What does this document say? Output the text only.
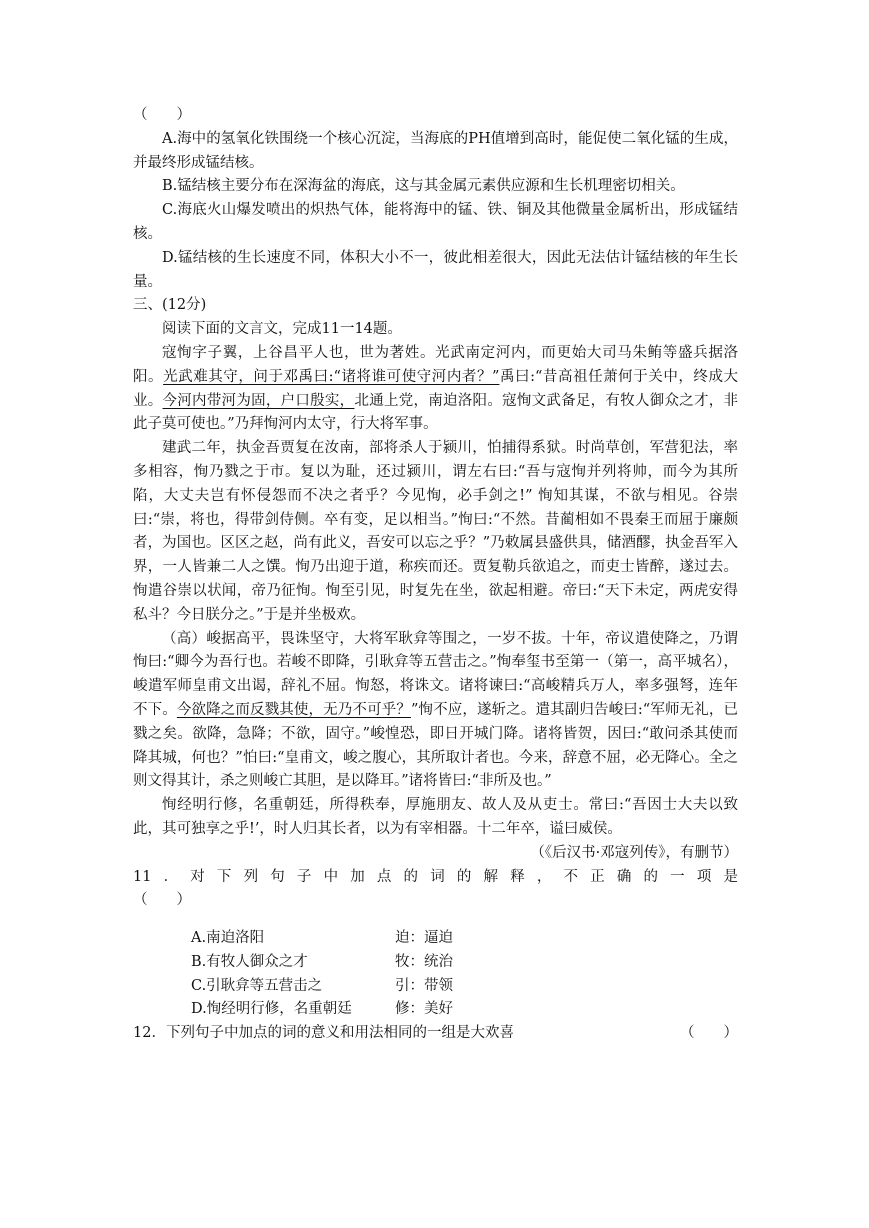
（　　）

A.海中的氢氧化铁围绕一个核心沉淀，当海底的PH值增到高时，能促使二氧化锰的生成，并最终形成锰结核。

B.锰结核主要分布在深海盆的海底，这与其金属元素供应源和生长机理密切相关。

C.海底火山爆发喷出的炽热气体，能将海中的锰、铁、铜及其他微量金属析出，形成锰结核。

D.锰结核的生长速度不同，体积大小不一，彼此相差很大，因此无法估计锰结核的年生长量。

三、(12分)

阅读下面的文言文，完成11一14题。

寇恂字子翼，上谷昌平人也，世为著姓。光武南定河内，而更始大司马朱鲔等盛兵据洛阳。光武难其守，问于邓禹曰:“诸将谁可使守河内者？”禹曰:“昔高祖任萧何于关中，终成大业。今河内带河为固，户口殷实，北通上党，南迫洛阳。寇恂文武备足，有牧人御众之才，非此子莫可使也。”乃拜恂河内太守，行大将军事。

建武二年，执金吾贾复在汝南，部将杀人于颍川，怕捕得系狱。时尚草创，军营犯法，率多相容，恂乃戮之于市。复以为耻，还过颍川，谓左右曰:“吾与寇恂并列将帅，而今为其所陷，大丈夫岂有怀侵怨而不决之者乎？今见恂，必手剑之!” 恂知其谋，不欲与相见。谷崇曰:“崇，将也，得带剑侍侧。卒有变，足以相当。”恂曰:“不然。昔蔺相如不畏秦王而屈于廉颇者，为国也。区区之赵，尚有此义，吾安可以忘之乎？”乃敕属县盛供具，储酒醪，执金吾军入界，一人皆兼二人之馔。恂乃出迎于道，称疾而还。贾复勒兵欲追之，而吏士皆醉，遂过去。恂遣谷崇以状闻，帝乃征恂。恂至引见，时复先在坐，欲起相避。帝曰:“天下未定，两虎安得私斗？今日朕分之。”于是并坐极欢。

（高）峻据高平，畏诛坚守，大将军耿弇等围之，一岁不拔。十年，帝议遣使降之，乃谓恂曰:“卿今为吾行也。若峻不即降，引耿弇等五营击之。”恂奉玺书至第一（第一，高平城名），峻遣军师皇甫文出谒，辞礼不屈。恂怒，将诛文。诸将谏曰:“高峻精兵万人，率多强弩，连年不下。今欲降之而反戮其使，无乃不可乎？”恂不应，遂斩之。遣其副归告峻曰:“军师无礼，已戮之矣。欲降，急降；不欲，固守。”峻惶恐，即日开城门降。诸将皆贺，因曰:“敢问杀其使而降其城，何也？”怕曰:“皇甫文，峻之腹心，其所取计者也。今来，辞意不屈，必无降心。全之则文得其计，杀之则峻亡其胆，是以降耳。”诸将皆曰:“非所及也。”

恂经明行修，名重朝廷，所得秩奉，厚施朋友、故人及从吏士。常曰:“吾因士大夫以致此，其可独享之乎!’，时人归其长者，以为有宰相器。十二年卒，谥曰威侯。

（《后汉书·邓寇列传》，有删节）

11．对下列句子中加点的词的解释，不正确的一项是

（　　）

A.南迫洛阳	迫：逼迫
B.有牧人御众之才	牧：统治
C.引耿弇等五营击之	引：带领
D.恂经明行修，名重朝廷	修：美好
12．下列句子中加点的词的意义和用法相同的一组是大欢喜	（　　）
